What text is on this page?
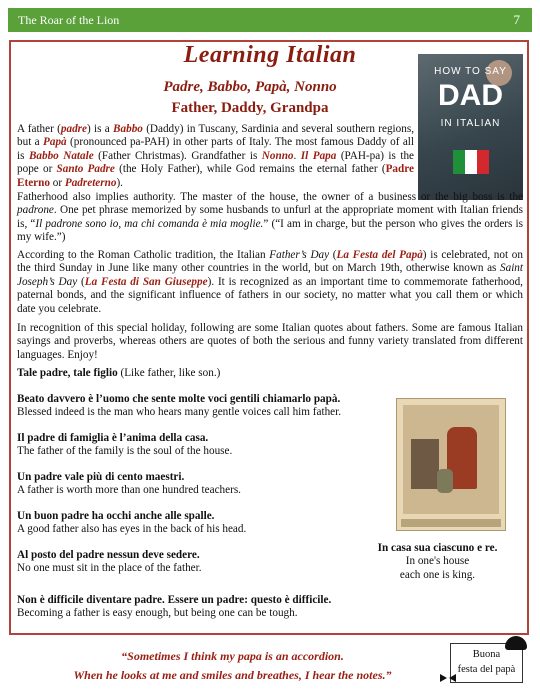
The Roar of the Lion	7
Learning Italian
Padre, Babbo, Papà, Nonno
Father, Daddy, Grandpa
HOW TO SAY
DAD
IN ITALIAN

A father (padre) is a Babbo (Daddy) in Tuscany, Sardinia and several southern regions, but a Papà (pronounced pa-PAH) in other parts of Italy. The most famous Daddy of all is Babbo Natale (Father Christmas). Grandfather is Nonno. Il Papa (PAH-pa) is the pope or Santo Padre (the Holy Father), while God remains the eternal father (Padre Eterno or Padreterno).

Fatherhood also implies authority. The master of the house, the owner of a business or the big boss is the padrone. One pet phrase memorized by some husbands to unfurl at the appropriate moment with Italian friends is, “Il padrone sono io, ma chi comanda è mia moglie.” (“I am in charge, but the person who gives the orders is my wife.”)

According to the Roman Catholic tradition, the Italian Father’s Day (La Festa del Papà) is celebrated, not on the third Sunday in June like many other countries in the world, but on March 19th, otherwise known as Saint Joseph’s Day (La Festa di San Giuseppe). It is recognized as an important time to commemorate fatherhood, paternal bonds, and the significant influence of fathers in our society, no matter what you call them or which date you celebrate.

In recognition of this special holiday, following are some Italian quotes about fathers. Some are famous Italian sayings and proverbs, whereas others are quotes of both the serious and funny variety translated from different languages. Enjoy!

Tale padre, tale figlio (Like father, like son.)
Beato davvero è l’uomo che sente molte voci gentili chiamarlo papà.
Blessed indeed is the man who hears many gentle voices call him father.
Il padre di famiglia è l’anima della casa.
The father of the family is the soul of the house.
Un padre vale più di cento maestri.
A father is worth more than one hundred teachers.
Un buon padre ha occhi anche alle spalle.
A good father also has eyes in the back of his head.
Al posto del padre nessun deve sedere.
No one must sit in the place of the father.
Non è difficile diventare padre. Essere un padre: questo è difficile.
Becoming a father is easy enough, but being one can be tough.
In casa sua ciascuno e re.
In one's house
each one is king.
“Sometimes I think my papa is an accordion.
When he looks at me and smiles and breathes, I hear the notes.”
Buona
festa del papà
